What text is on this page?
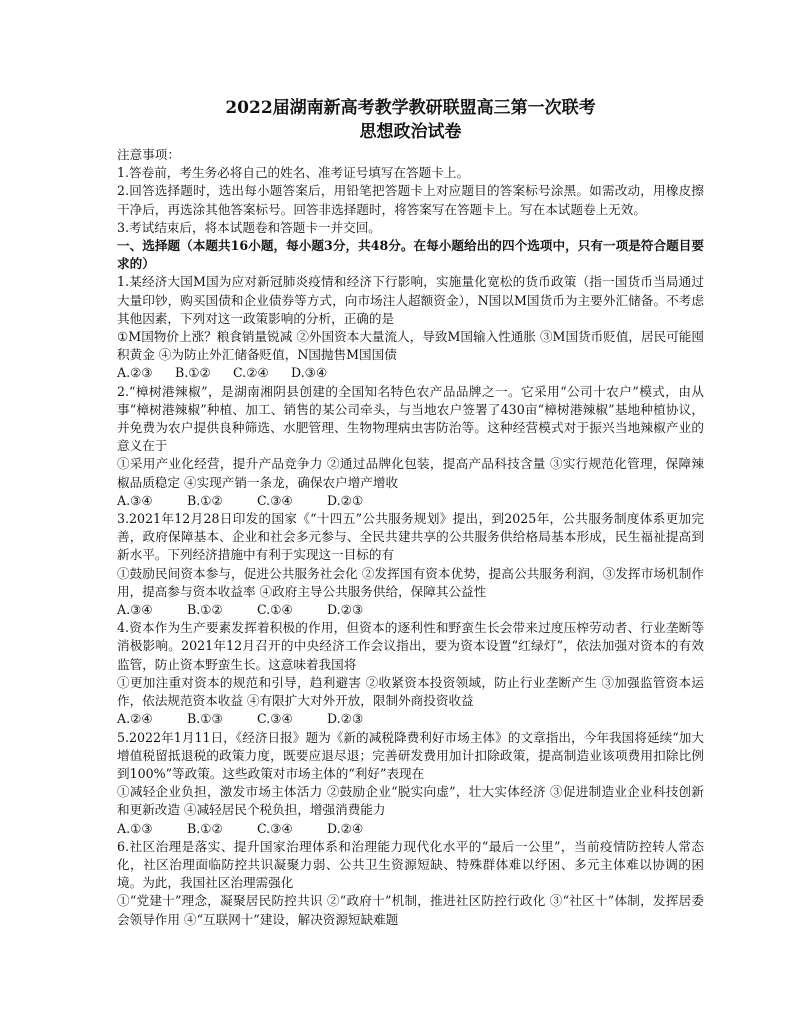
2022届湖南新高考教学教研联盟高三第一次联考

思想政治试卷

注意事项：

1.答卷前，考生务必将自己的姓名、准考证号填写在答题卡上。

2.回答选择题时，选出每小题答案后，用铅笔把答题卡上对应题目的答案标号涂黑。如需改动，用橡皮擦干净后，再选涂其他答案标号。回答非选择题时，将答案写在答题卡上。写在本试题卷上无效。

3.考试结束后，将本试题卷和答题卡一并交回。

一、选择题（本题共16小题，每小题3分，共48分。在每小题给出的四个选项中，只有一项是符合题目要求的）

1.某经济大国M国为应对新冠肺炎疫情和经济下行影响，实施量化宽松的货币政策（指一国货币当局通过大量印钞，购买国债和企业债券等方式，向市场注人超额资金），N国以M国货币为主要外汇储备。不考虑其他因素，下列对这一政策影响的分析，正确的是

①M国物价上涨？粮食销量锐减 ②外国资本大量流人，导致M国输入性通胀 ③M国货币贬值，居民可能囤积黄金 ④为防止外汇储备贬值，N国抛售M国国债

A.②③	B.①②	C.②④	D.③④

2.“樟树港辣椒”，是湖南湘阴县创建的全国知名特色农产品品牌之一。它采用“公司十农户”模式，由从事“樟树港辣椒”种植、加工、销售的某公司牵头，与当地农户签署了430亩“樟树港辣椒”基地种植协议，并免费为农户提供良种筛选、水肥管理、生物物理病虫害防治等。这种经营模式对于振兴当地辣椒产业的意义在于

①采用产业化经营，提升产品竞争力 ②通过品牌化包装，提高产品科技含量 ③实行规范化管理，保障辣椒品质稳定 ④实现产销一条龙，确保农户增产增收

A.③④	B.①②	C.③④	D.②①

3.2021年12月28日印发的国家《“十四五”公共服务规划》提出，到2025年，公共服务制度体系更加完善，政府保障基本、企业和社会多元参与、全民共建共享的公共服务供给格局基本形成，民生福祉提高到新水平。下列经济措施中有利于实现这一目标的有

①鼓励民间资本参与，促进公共服务社会化 ②发挥国有资本优势，提高公共服务利润，③发挥市场机制作用，提高参与资本收益率 ④政府主导公共服务供给，保障其公益性

A.③④	B.①②	C.①④	D.②③

4.资本作为生产要素发挥着积极的作用，但资本的逐利性和野蛮生长会带来过度压榨劳动者、行业垄断等消极影响。2021年12月召开的中央经济工作会议指出，要为资本设置“红绿灯”，依法加强对资本的有效监管，防止资本野蛮生长。这意味着我国将

①更加注重对资本的规范和引导，趋利避害 ②收紧资本投资领域，防止行业垄断产生 ③加强监管资本运作，依法规范资本收益 ④有限扩大对外开放，限制外商投资收益

A.②④	B.①③	C.③④	D.②③

5.2022年1月11日，《经济日报》题为《新的减税降费利好市场主体》的文章指出，今年我国将延续“加大增值税留抵退税的政策力度，既要应退尽退；完善研发费用加计扣除政策，提高制造业该项费用扣除比例到100%”等政策。这些政策对市场主体的“利好”表现在

①减轻企业负担，激发市场主体活力 ②鼓励企业“脱实向虚”，壮大实体经济 ③促进制造业企业科技创新和更新改造 ④减轻居民个税负担，增强消费能力

A.①③	B.①②	C.③④	D.②④

6.社区治理是落实、提升国家治理体系和治理能力现代化水平的“最后一公里”，当前疫情防控转人常态化，社区治理面临防控共识凝聚力弱、公共卫生资源短缺、特殊群体难以纾困、多元主体难以协调的困境。为此，我国社区治理需强化

①“党建十”理念，凝聚居民防控共识 ②“政府十”机制，推进社区防控行政化 ③“社区十”体制，发挥居委会领导作用 ④“互联网十”建设，解决资源短缺难题
